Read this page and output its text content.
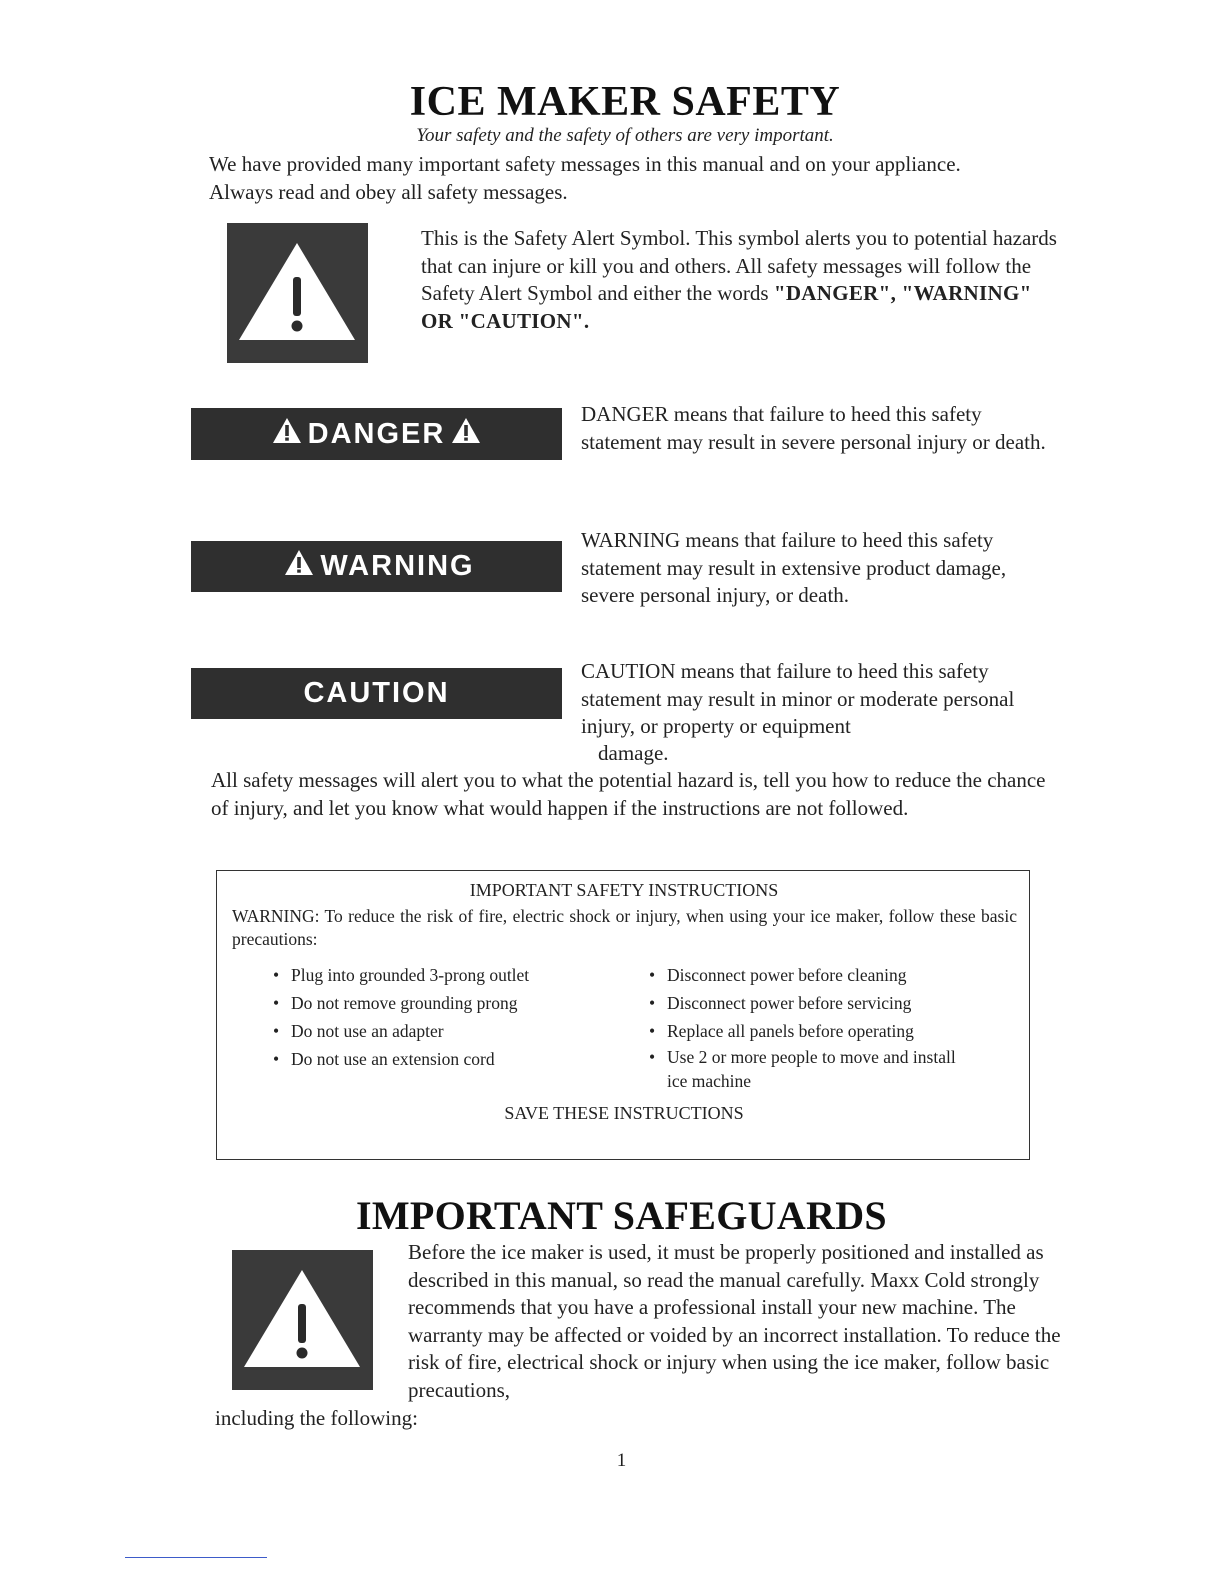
ICE MAKER SAFETY
Your safety and the safety of others are very important.
We have provided many important safety messages in this manual and on your appliance. Always read and obey all safety messages.
This is the Safety Alert Symbol. This symbol alerts you to potential hazards that can injure or kill you and others. All safety messages will follow the Safety Alert Symbol and either the words "DANGER", "WARNING" OR "CAUTION".
DANGER
DANGER means that failure to heed this safety statement may result in severe personal injury or death.
WARNING
WARNING means that failure to heed this safety statement may result in extensive product damage, severe personal injury, or death.
CAUTION
CAUTION means that failure to heed this safety statement may result in minor or moderate personal injury, or property or equipment
damage.
All safety messages will alert you to what the potential hazard is, tell you how to reduce the chance of injury, and let you know what would happen if the instructions are not followed.
IMPORTANT SAFETY INSTRUCTIONS
WARNING: To reduce the risk of fire, electric shock or injury, when using your ice maker, follow these basic precautions:
• Plug into grounded 3-prong outlet
• Do not remove grounding prong
• Do not use an adapter
• Do not use an extension cord
• Disconnect power before cleaning
• Disconnect power before servicing
• Replace all panels before operating
• Use 2 or more people to move and install ice machine
SAVE THESE INSTRUCTIONS
IMPORTANT SAFEGUARDS
Before the ice maker is used, it must be properly positioned and installed as described in this manual, so read the manual carefully. Maxx Cold strongly recommends that you have a professional install your new machine. The warranty may be affected or voided by an incorrect installation. To reduce the risk of fire, electrical shock or injury when using the ice maker, follow basic precautions,
including the following:
1
